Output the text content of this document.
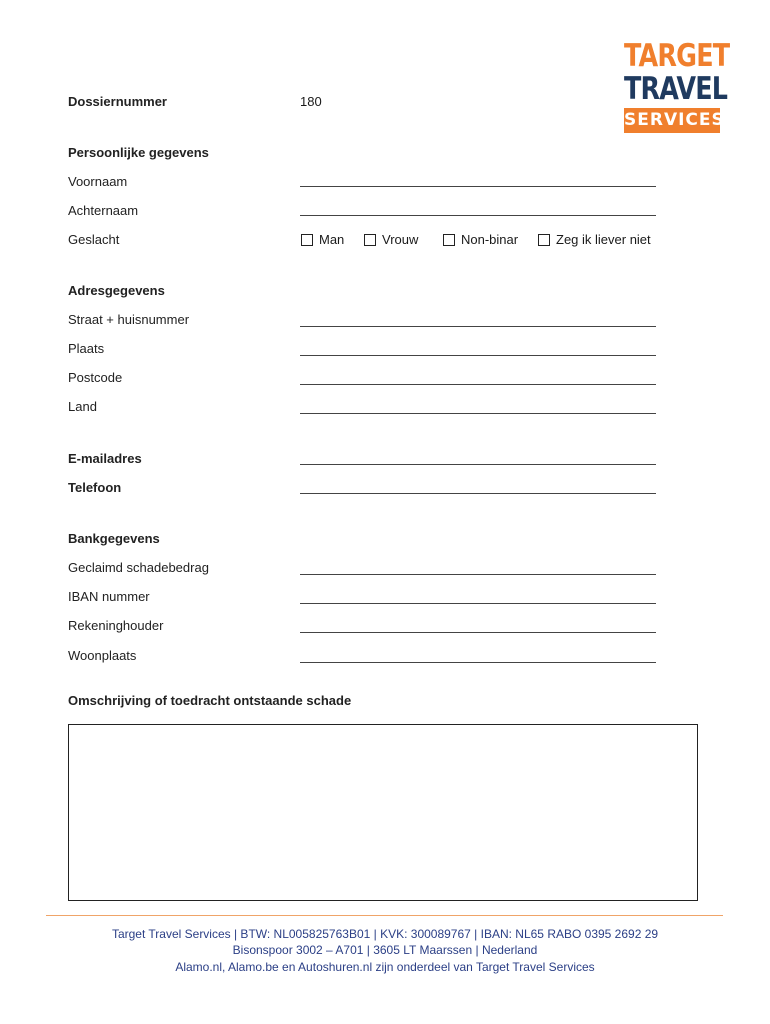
TARGET
TRAVEL
SERVICES
Dossiernummer	180
Persoonlijke gegevens
Voornaam
Achternaam
Geslacht	Man	Vrouw	Non-binar	Zeg ik liever niet
Adresgegevens
Straat + huisnummer
Plaats
Postcode
Land
E-mailadres
Telefoon
Bankgegevens
Geclaimd schadebedrag
IBAN nummer
Rekeninghouder
Woonplaats
Omschrijving of toedracht ontstaande schade
Target Travel Services | BTW: NL005825763B01 | KVK: 300089767 | IBAN: NL65 RABO 0395 2692 29
Bisonspoor 3002 – A701 | 3605 LT Maarssen | Nederland
Alamo.nl, Alamo.be en Autoshuren.nl zijn onderdeel van Target Travel Services
